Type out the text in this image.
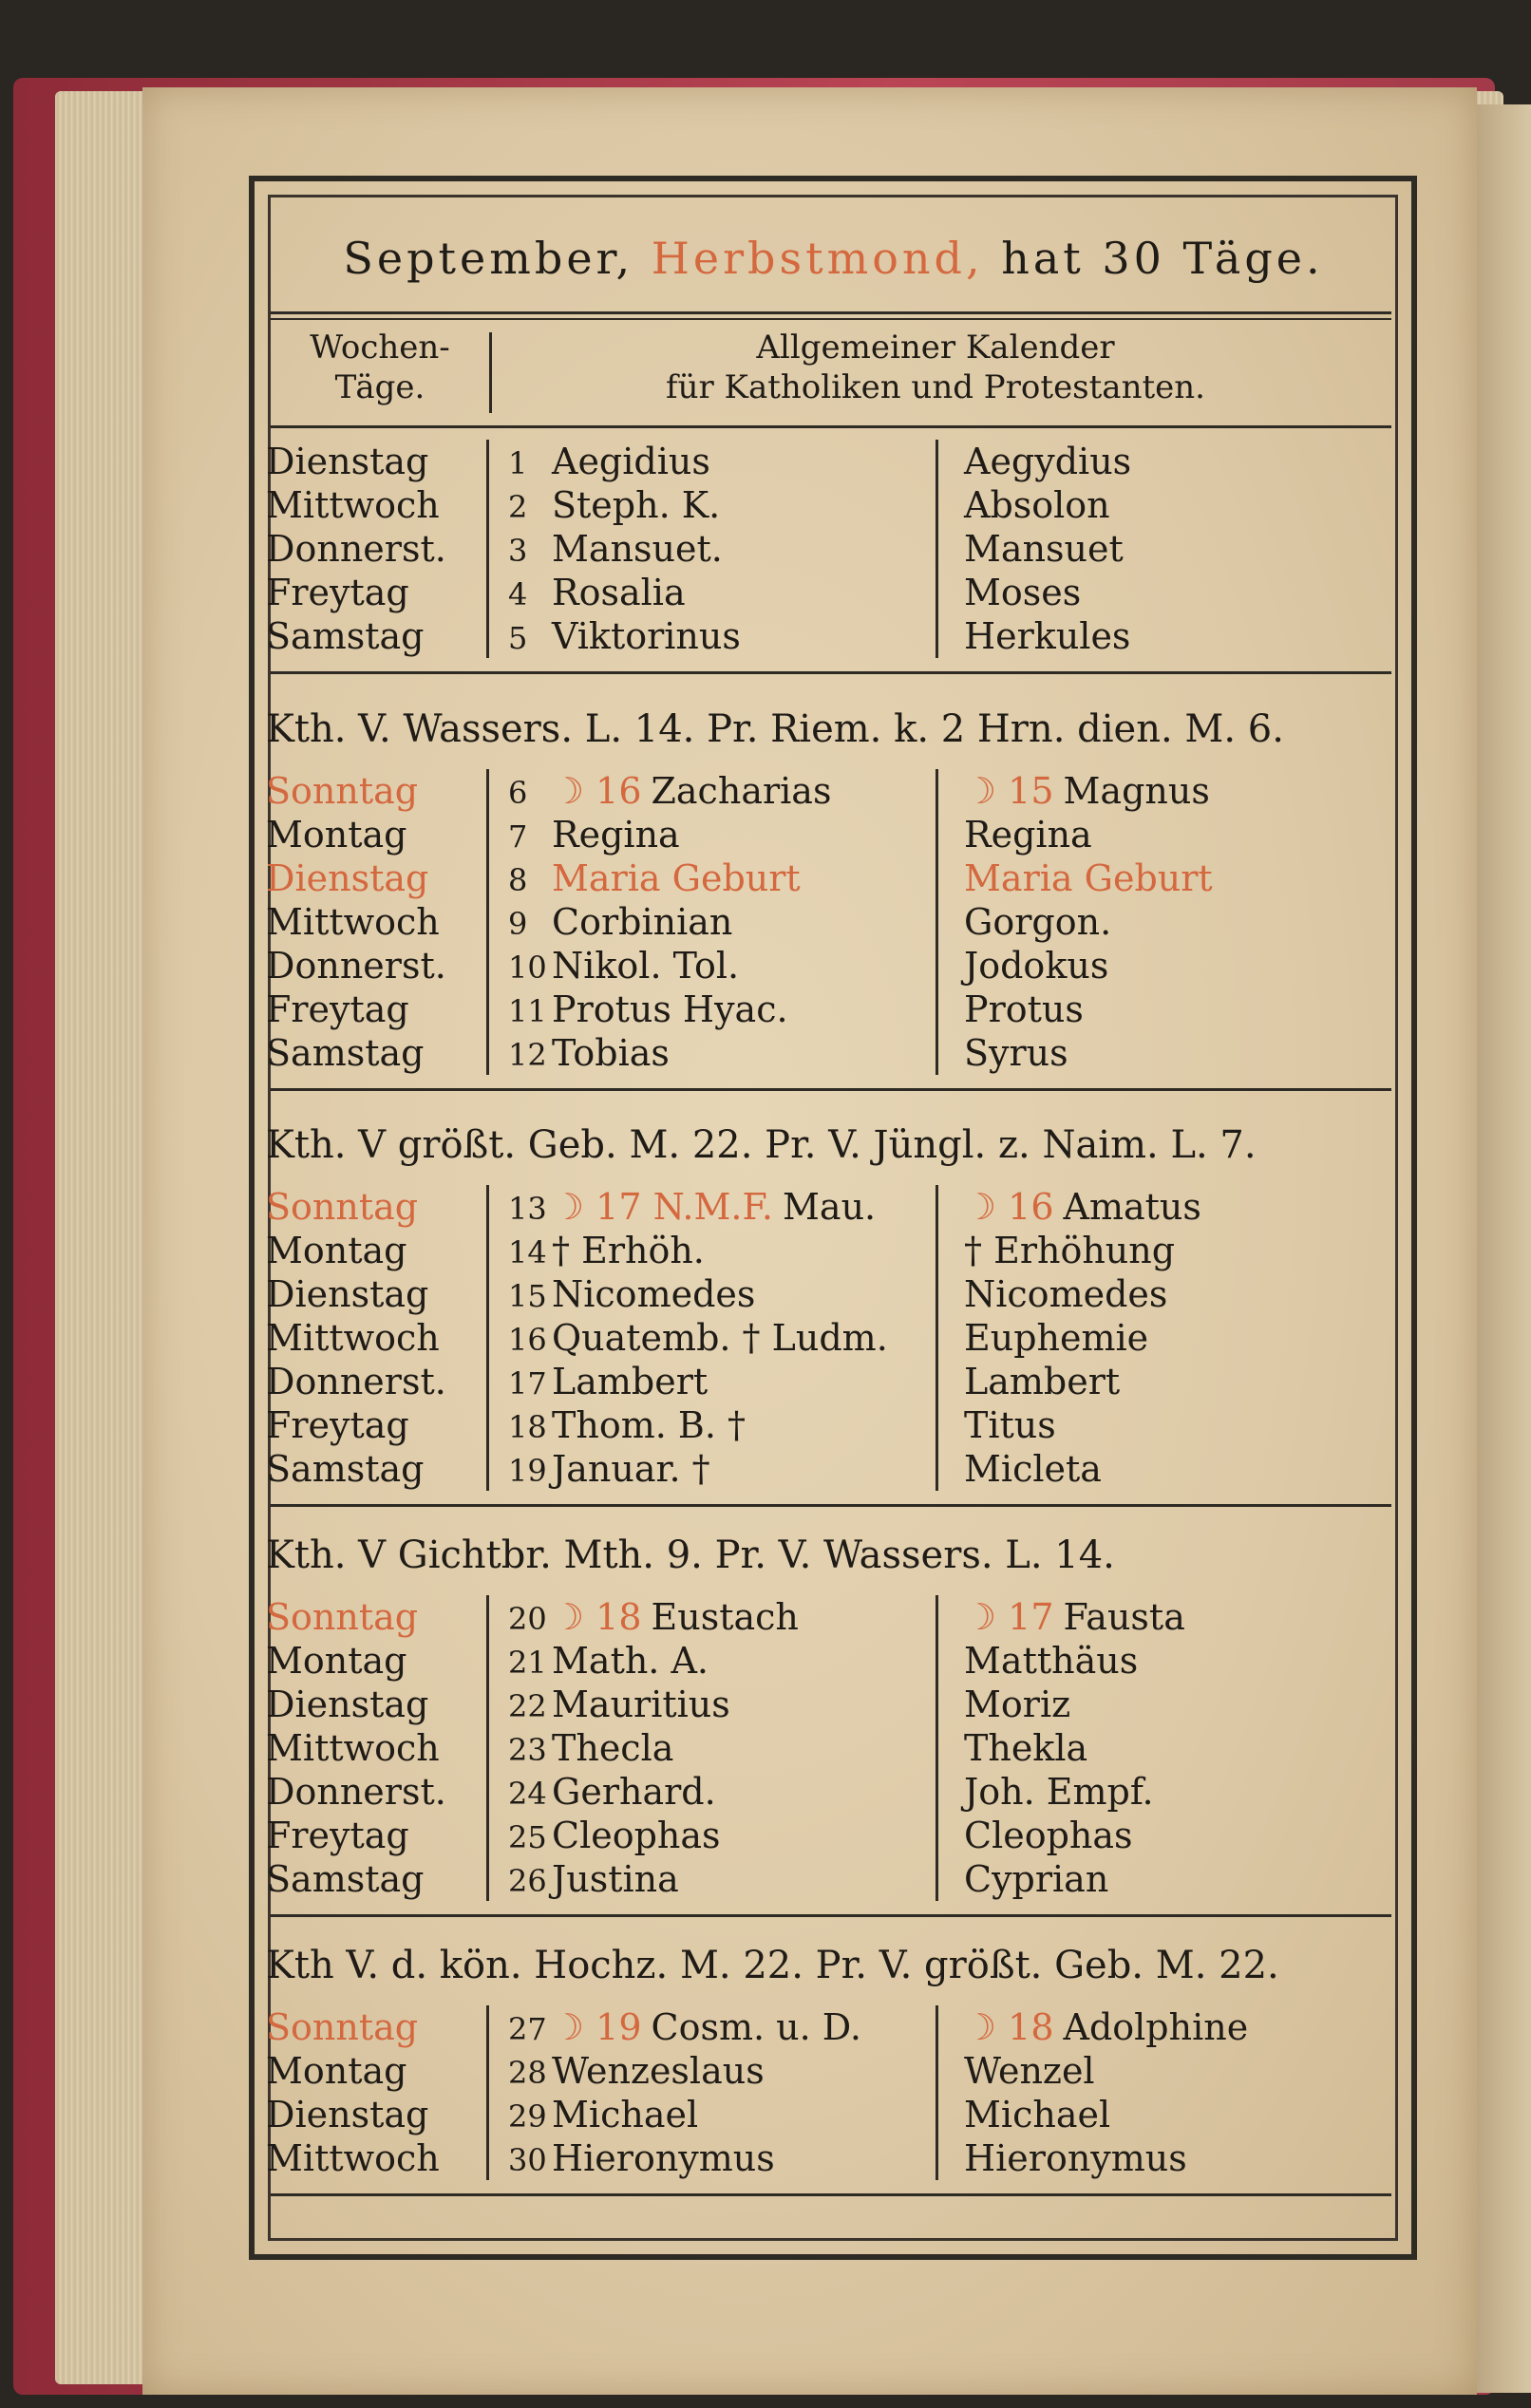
September, Herbstmond, hat 30 Täge.
Wochen-Täge.
Allgemeiner Kalender
für Katholiken und Protestanten.
Dienstag	1 Aegidius	Aegydius
Mittwoch	2 Steph. K.	Absolon
Donnerst.	3 Mansuet.	Mansuet
Freytag	4 Rosalia	Moses
Samstag	5 Viktorinus	Herkules
Kth. V. Wassers. L. 14. Pr. Riem. k. 2 Hrn. dien. M. 6.
Sonntag	6 ☽ 16 Zacharias	☽ 15 Magnus
Montag	7 Regina	Regina
Dienstag	8 Maria Geburt	Maria Geburt
Mittwoch	9 Corbinian	Gorgon.
Donnerst.	10 Nikol. Tol.	Jodokus
Freytag	11 Protus Hyac.	Protus
Samstag	12 Tobias	Syrus
Kth. V größt. Geb. M. 22. Pr. V. Jüngl. z. Naim. L. 7.
Sonntag	13 ☽ 17 N.M.F. Mau.	☽ 16 Amatus
Montag	14 † Erhöh.	† Erhöhung
Dienstag	15 Nicomedes	Nicomedes
Mittwoch	16 Quatemb. † Ludm.	Euphemie
Donnerst.	17 Lambert	Lambert
Freytag	18 Thom. B. †	Titus
Samstag	19 Januar. †	Micleta
Kth. V Gichtbr. Mth. 9. Pr. V. Wassers. L. 14.
Sonntag	20 ☽ 18 Eustach	☽ 17 Fausta
Montag	21 Math. A.	Matthäus
Dienstag	22 Mauritius	Moriz
Mittwoch	23 Thecla	Thekla
Donnerst.	24 Gerhard.	Joh. Empf.
Freytag	25 Cleophas	Cleophas
Samstag	26 Justina	Cyprian
Kth V. d. kön. Hochz. M. 22. Pr. V. größt. Geb. M. 22.
Sonntag	27 ☽ 19 Cosm. u. D.	☽ 18 Adolphine
Montag	28 Wenzeslaus	Wenzel
Dienstag	29 Michael	Michael
Mittwoch	30 Hieronymus	Hieronymus
